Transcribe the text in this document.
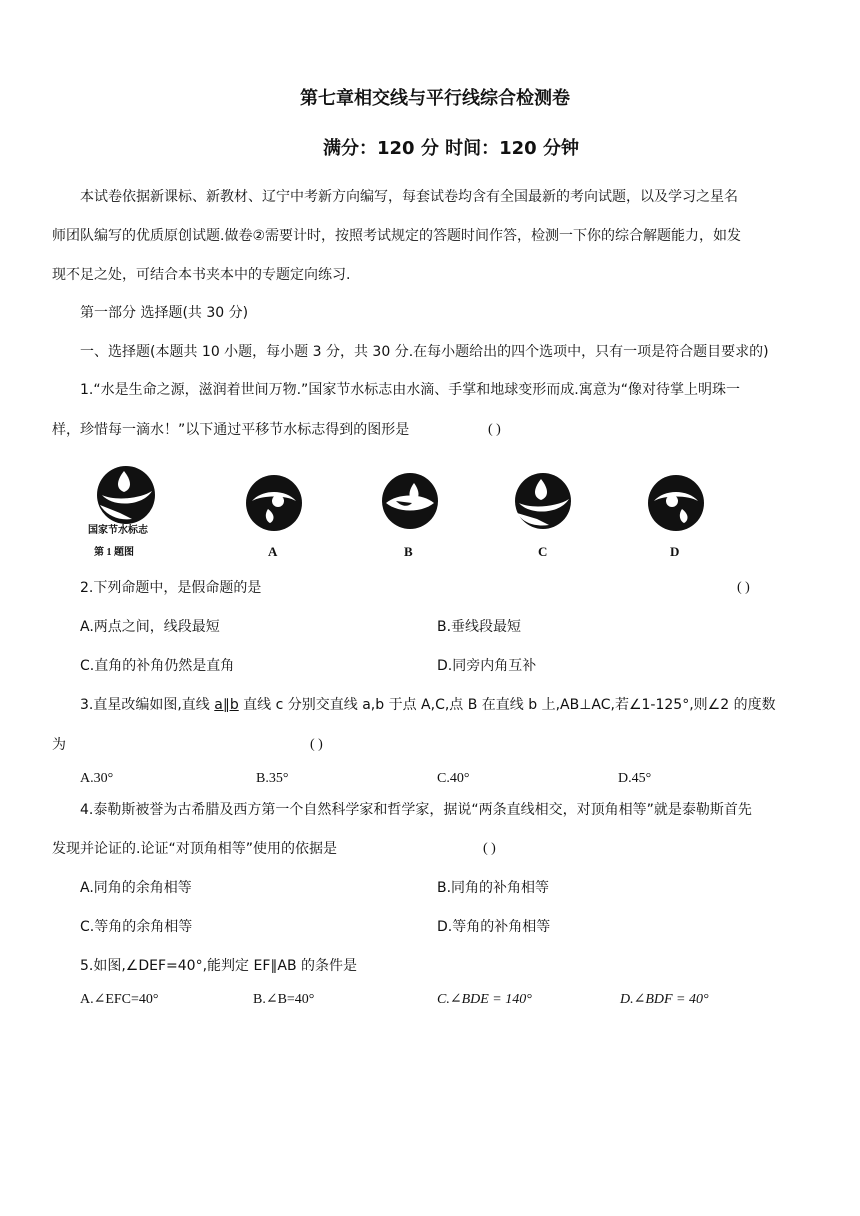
第七章相交线与平行线综合检测卷
满分：120 分 时间：120 分钟
本试卷依据新课标、新教材、辽宁中考新方向编写，每套试卷均含有全国最新的考向试题，以及学习之星名
师团队编写的优质原创试题.做卷②需要计时，按照考试规定的答题时间作答，检测一下你的综合解题能力，如发
现不足之处，可结合本书夹本中的专题定向练习.
第一部分 选择题(共 30 分)
一、选择题(本题共 10 小题，每小题 3 分，共 30 分.在每小题给出的四个选项中，只有一项是符合题目要求的)
1.“水是生命之源，滋润着世间万物.”国家节水标志由水滴、手掌和地球变形而成.寓意为“像对待掌上明珠一
样，珍惜每一滴水！”以下通过平移节水标志得到的图形是	( )
国家节水标志
第 1 题图	A	B	C	D
2.下列命题中，是假命题的是	( )
A.两点之间，线段最短	B.垂线段最短
C.直角的补角仍然是直角	D.同旁内角互补
3.直星改编如图,直线 a∥b 直线 c 分别交直线 a,b 于点 A,C,点 B 在直线 b 上,AB⊥AC,若∠1-125°,则∠2 的度数
为	( )
A.30°	B.35°	C.40°	D.45°
4.泰勒斯被誉为古希腊及西方第一个自然科学家和哲学家，据说“两条直线相交，对顶角相等”就是泰勒斯首先
发现并论证的.论证“对顶角相等”使用的依据是	( )
A.同角的余角相等	B.同角的补角相等
C.等角的余角相等	D.等角的补角相等
5.如图,∠DEF=40°,能判定 EF∥AB 的条件是
A.∠EFC=40°	B.∠B=40°	C.∠BDE = 140°	D.∠BDF = 40°
